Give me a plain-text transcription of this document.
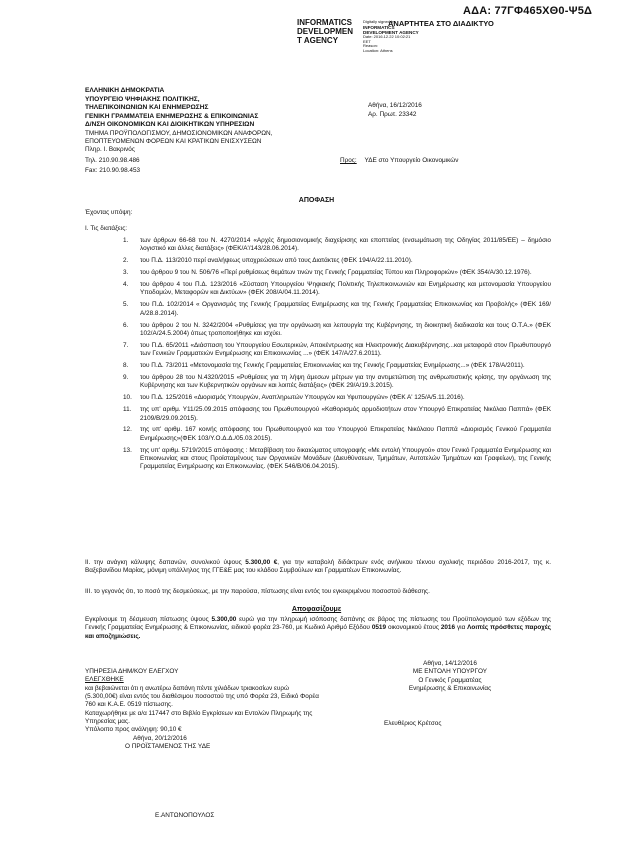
ΑΔΑ: 77ΓΦ465ΧΘ0-Ψ5Δ
INFORMATICS
DEVELOPMEN
T AGENCY
ΑΝΑΡΤΗΤΕΑ ΣΤΟ ΔΙΑΔΙΚΤΥΟ
Digitally signed by
INFORMATICS
DEVELOPMENT AGENCY
Date: 2016.12.22 10:02:21
EET
Reason:
Location: Athens
ΕΛΛΗΝΙΚΗ ΔΗΜΟΚΡΑΤΙΑ
ΥΠΟΥΡΓΕΙΟ ΨΗΦΙΑΚΗΣ ΠΟΛΙΤΙΚΗΣ,
ΤΗΛΕΠΙΚΟΙΝΩΝΙΩΝ ΚΑΙ ΕΝΗΜΕΡΩΣΗΣ
ΓΕΝΙΚΗ ΓΡΑΜΜΑΤΕΙΑ ΕΝΗΜΕΡΩΣΗΣ & ΕΠΙΚΟΙΝΩΝΙΑΣ
Δ/ΝΣΗ ΟΙΚΟΝΟΜΙΚΩΝ ΚΑΙ ΔΙΟΙΚΗΤΙΚΩΝ ΥΠΗΡΕΣΙΩΝ
ΤΜΗΜΑ ΠΡΟΫΠΟΛΟΓΙΣΜΟΥ, ΔΗΜΟΣΙΟΝΟΜΙΚΩΝ ΑΝΑΦΟΡΩΝ,
ΕΠΟΠΤΕΥΟΜΕΝΩΝ ΦΟΡΕΩΝ ΚΑΙ ΚΡΑΤΙΚΩΝ ΕΝΙΣΧΥΣΕΩΝ
Πληρ. Ι. Βακρινός
Τηλ. 210.90.98.486
Fax: 210.90.98.453
Αθήνα, 16/12/2016
Αρ. Πρωτ. 23342
Προς: ΥΔΕ στο Υπουργείο Οικονομικών
ΑΠΟΦΑΣΗ
Έχοντας υπόψη:
I. Τις διατάξεις:
1. των άρθρων 66-68 του Ν. 4270/2014 «Αρχές δημοσιονομικής διαχείρισης και εποπτείας (ενσωμάτωση της Οδηγίας 2011/85/ΕΕ) – δημόσιο λογιστικό και άλλες διατάξεις» (ΦΕΚ/Α'/143/28.06.2014).
2. του Π.Δ. 113/2010 περί αναλήψεως υποχρεώσεων από τους Διατάκτες (ΦΕΚ 194/Α/22.11.2010).
3. του άρθρου 9 του Ν. 506/76 «Περί ρυθμίσεως θεμάτων τινών της Γενικής Γραμματείας Τύπου και Πληροφοριών» (ΦΕΚ 354/Α/30.12.1976).
4. του άρθρου 4 του Π.Δ. 123/2016 «Σύσταση Υπουργείου Ψηφιακής Πολιτικής Τηλεπικοινωνιών και Ενημέρωσης και μετονομασία Υπουργείου Υποδομών, Μεταφορών και Δικτύων» (ΦΕΚ 208/Α/04.11.2014).
5. του Π.Δ. 102/2014 « Οργανισμός της Γενικής Γραμματείας Ενημέρωσης και της Γενικής Γραμματείας Επικοινωνίας και Προβολής» (ΦΕΚ 169/Α/28.8.2014).
6. του άρθρου 2 του Ν. 3242/2004 «Ρυθμίσεις για την οργάνωση και λειτουργία της Κυβέρνησης, τη διοικητική διαδικασία και τους Ο.Τ.Α.» (ΦΕΚ 102/Α/24.5.2004) όπως τροποποιήθηκε και ισχύει.
7. του Π.Δ. 65/2011 «Διάσπαση του Υπουργείου Εσωτερικών, Αποκέντρωσης και Ηλεκτρονικής Διακυβέρνησης...και μεταφορά στον Πρωθυπουργό των Γενικών Γραμματειών Ενημέρωσης και Επικοινωνίας ...» (ΦΕΚ 147/Α/27.6.2011).
8. του Π.Δ. 73/2011 «Μετονομασία της Γενικής Γραμματείας Επικοινωνίας και της Γενικής Γραμματείας Ενημέρωσης...» (ΦΕΚ 178/Α/2011).
9. του άρθρου 28 του Ν.4320/2015 «Ρυθμίσεις για τη λήψη άμεσων μέτρων για την αντιμετώπιση της ανθρωπιστικής κρίσης, την οργάνωση της Κυβέρνησης και των Κυβερνητικών οργάνων και λοιπές διατάξεις» (ΦΕΚ 29/Α/19.3.2015).
10. του Π.Δ. 125/2016 «Διορισμός Υπουργών, Αναπληρωτών Υπουργών και Υφυπουργών» (ΦΕΚ Α' 125/Α/5.11.2016).
11. της υπ' αριθμ. Υ11/25.09.2015 απόφασης του Πρωθυπουργού «Καθορισμός αρμοδιοτήτων στον Υπουργό Επικρατείας Νικόλαο Παππά» (ΦΕΚ 2109/Β/29.09.2015).
12. της υπ' αριθμ. 167 κοινής απόφασης του Πρωθυπουργού και του Υπουργού Επικρατείας Νικόλαου Παππά «Διορισμός Γενικού Γραμματέα Ενημέρωσης»(ΦΕΚ 103/Υ.Ο.Δ.Δ./05.03.2015).
13. της υπ' αριθμ. 5719/2015 απόφασης : Μεταβίβαση του δικαιώματος υπογραφής «Με εντολή Υπουργού» στον Γενικό Γραμματέα Ενημέρωσης και Επικοινωνίας και στους Προϊσταμένους των Οργανικών Μονάδων (Διευθύνσεων, Τμημάτων, Αυτοτελών Τμημάτων και Γραφείων), της Γενικής Γραμματείας Ενημέρωσης και Επικοινωνίας. (ΦΕΚ 546/Β/06.04.2015).
II. την ανάγκη κάλυψης δαπανών, συνολικού ύψους 5.300,00 €, για την καταβολή διδάκτρων ενός ανήλικου τέκνου σχολικής περιόδου 2016-2017, της κ. Βαξεβανίδου Μαρίας, μόνιμη υπάλληλος της ΓΓΕ&Ε μας του κλάδου Συμβούλων και Γραμματέων Επικοινωνίας.
III. το γεγονός ότι, το ποσό της δεσμεύσεως, με την παρούσα, πίστωσης είναι εντός του εγκεκριμένου ποσοστού διάθεσης.
Αποφασίζουμε
Εγκρίνουμε τη δέσμευση πίστωσης ύψους 5.300,00 ευρώ για την πληρωμή ισόποσης δαπάνης σε βάρος της πίστωσης του Προϋπολογισμού των εξόδων της Γενικής Γραμματείας Ενημέρωσης & Επικοινωνίας, ειδικού φορέα 23-760, με Κωδικό Αριθμό Εξόδου 0519 οικονομικού έτους 2016 για Λοιπές πρόσθετες παροχές και αποζημιώσεις.
ΥΠΗΡΕΣΙΑ ΔΗΜ/ΚΟΥ ΕΛΕΓΧΟΥ
ΕΛΕΓΧΘΗΚΕ
και βεβαιώνεται ότι η ανωτέρω δαπάνη πέντε χιλιάδων τριακοσίων ευρώ (5.300,00€) είναι εντός του διαθέσιμου ποσοστού της υπό Φορέα 23, Ειδικό Φορέα 760 και Κ.Α.Ε. 0519 πίστωσης.
Καταχωρήθηκε με α/α 117447 στο Βιβλίο Εγκρίσεων και Εντολών Πληρωμής της Υπηρεσίας μας.
Υπόλοιπο προς ανάληψη: 90,10 €
Αθήνα, 20/12/2016
Ο ΠΡΟΪΣΤΑΜΕΝΟΣ ΤΗΣ ΥΔΕ
Ε.ΑΝΤΩΝΟΠΟΥΛΟΣ
Αθήνα, 14/12/2016
ΜΕ ΕΝΤΟΛΗ ΥΠΟΥΡΓΟΥ
Ο Γενικός Γραμματέας
Ενημέρωσης & Επικοινωνίας
Ελευθέριος Κρέτσος
